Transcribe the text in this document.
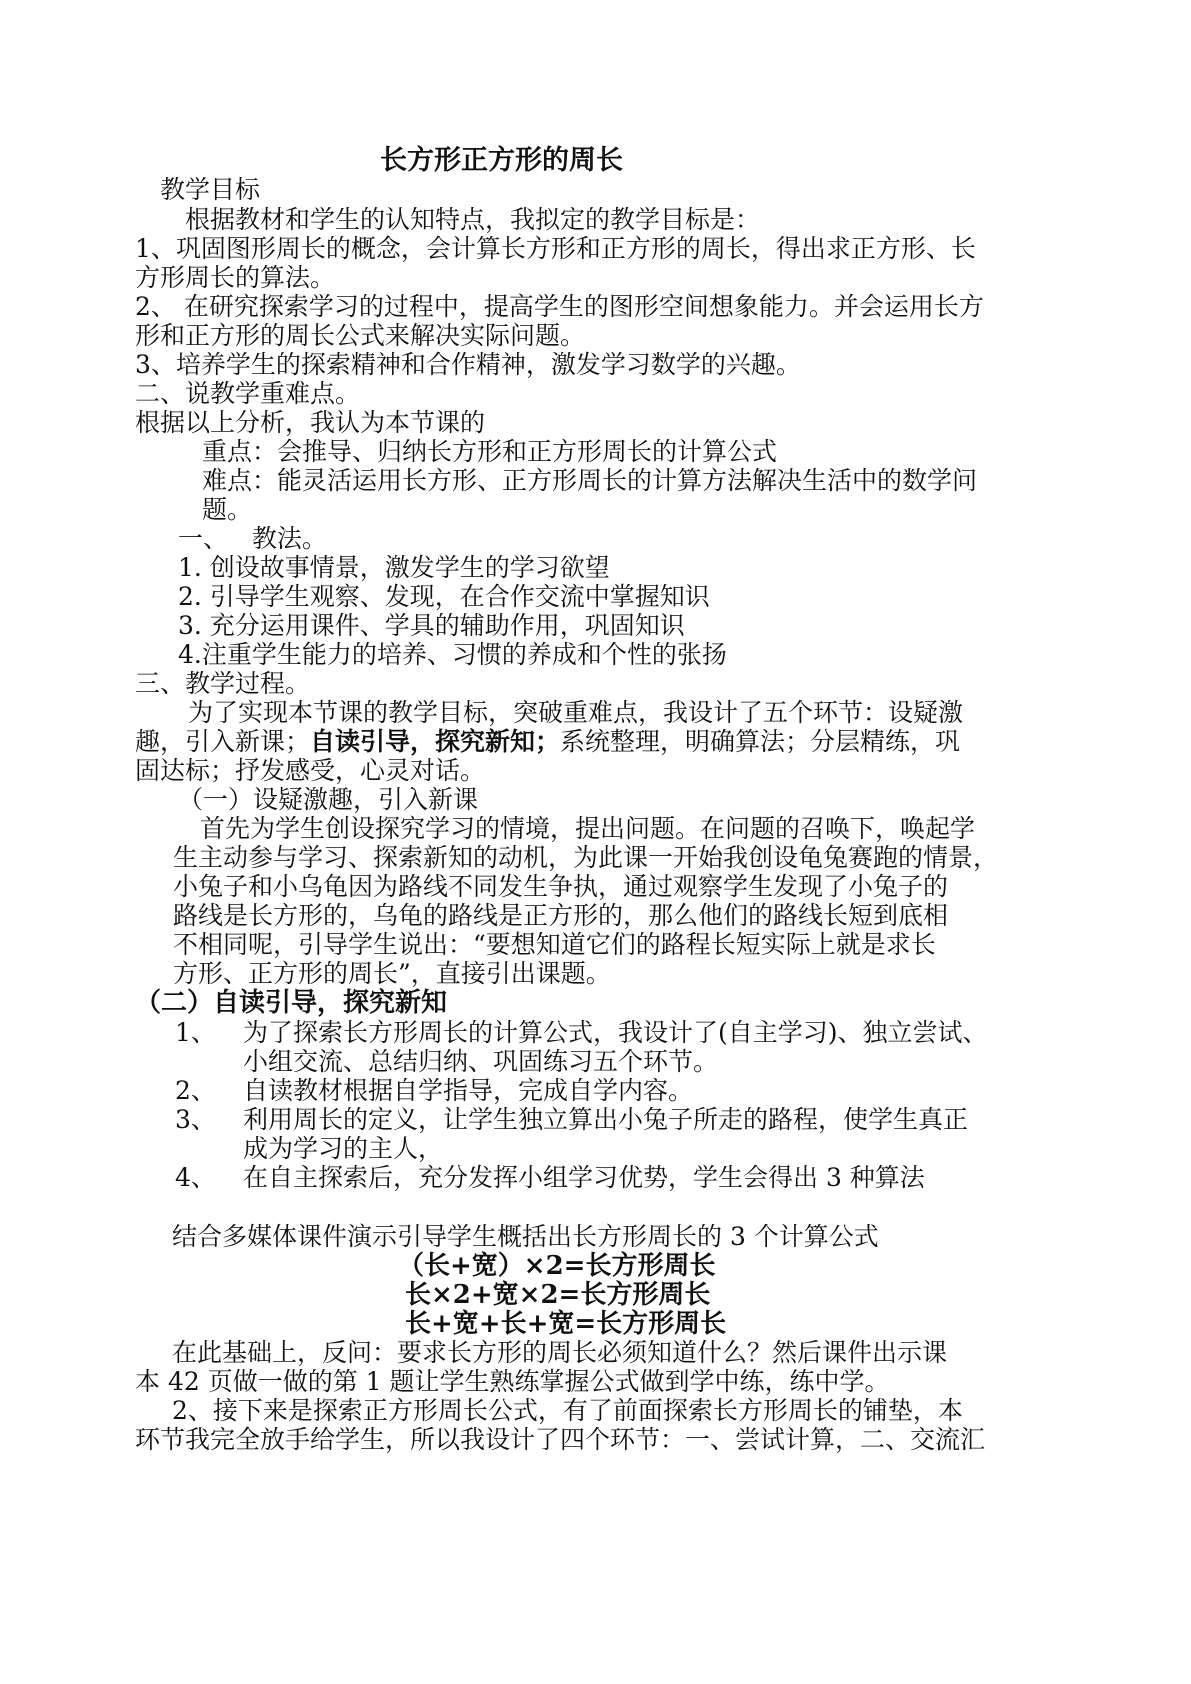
长方形正方形的周长

教学目标

根据教材和学生的认知特点，我拟定的教学目标是：

1、巩固图形周长的概念，会计算长方形和正方形的周长，得出求正方形、长

方形周长的算法。

2、 在研究探索学习的过程中，提高学生的图形空间想象能力。并会运用长方

形和正方形的周长公式来解决实际问题。

3、培养学生的探索精神和合作精神，激发学习数学的兴趣。

二、说教学重难点。

根据以上分析，我认为本节课的

重点：会推导、归纳长方形和正方形周长的计算公式

难点：能灵活运用长方形、正方形周长的计算方法解决生活中的数学问

题。

一、   教法。

1. 创设故事情景，激发学生的学习欲望

2. 引导学生观察、发现，在合作交流中掌握知识

3. 充分运用课件、学具的辅助作用，巩固知识

4.注重学生能力的培养、习惯的养成和个性的张扬

三、教学过程。

为了实现本节课的教学目标，突破重难点，我设计了五个环节：设疑激

趣，引入新课；自读引导，探究新知；系统整理，明确算法；分层精练，巩

固达标；抒发感受，心灵对话。

（一）设疑激趣，引入新课

首先为学生创设探究学习的情境，提出问题。在问题的召唤下，唤起学

生主动参与学习、探索新知的动机，为此课一开始我创设龟兔赛跑的情景，

小兔子和小乌龟因为路线不同发生争执，通过观察学生发现了小兔子的

路线是长方形的，乌龟的路线是正方形的，那么他们的路线长短到底相

不相同呢，引导学生说出：“要想知道它们的路程长短实际上就是求长

方形、正方形的周长”，直接引出课题。

（二）自读引导，探究新知

1、 为了探索长方形周长的计算公式，我设计了(自主学习)、独立尝试、

小组交流、总结归纳、巩固练习五个环节。

2、 自读教材根据自学指导，完成自学内容。

3、 利用周长的定义，让学生独立算出小兔子所走的路程，使学生真正

成为学习的主人，

4、 在自主探索后，充分发挥小组学习优势，学生会得出 3 种算法

结合多媒体课件演示引导学生概括出长方形周长的 3 个计算公式

（长+宽）×2=长方形周长

长×2+宽×2=长方形周长

长+宽+长+宽=长方形周长

在此基础上，反问：要求长方形的周长必须知道什么？然后课件出示课

本 42 页做一做的第 1 题让学生熟练掌握公式做到学中练，练中学。

2、接下来是探索正方形周长公式，有了前面探索长方形周长的铺垫，本

环节我完全放手给学生，所以我设计了四个环节：一、尝试计算，二、交流汇
